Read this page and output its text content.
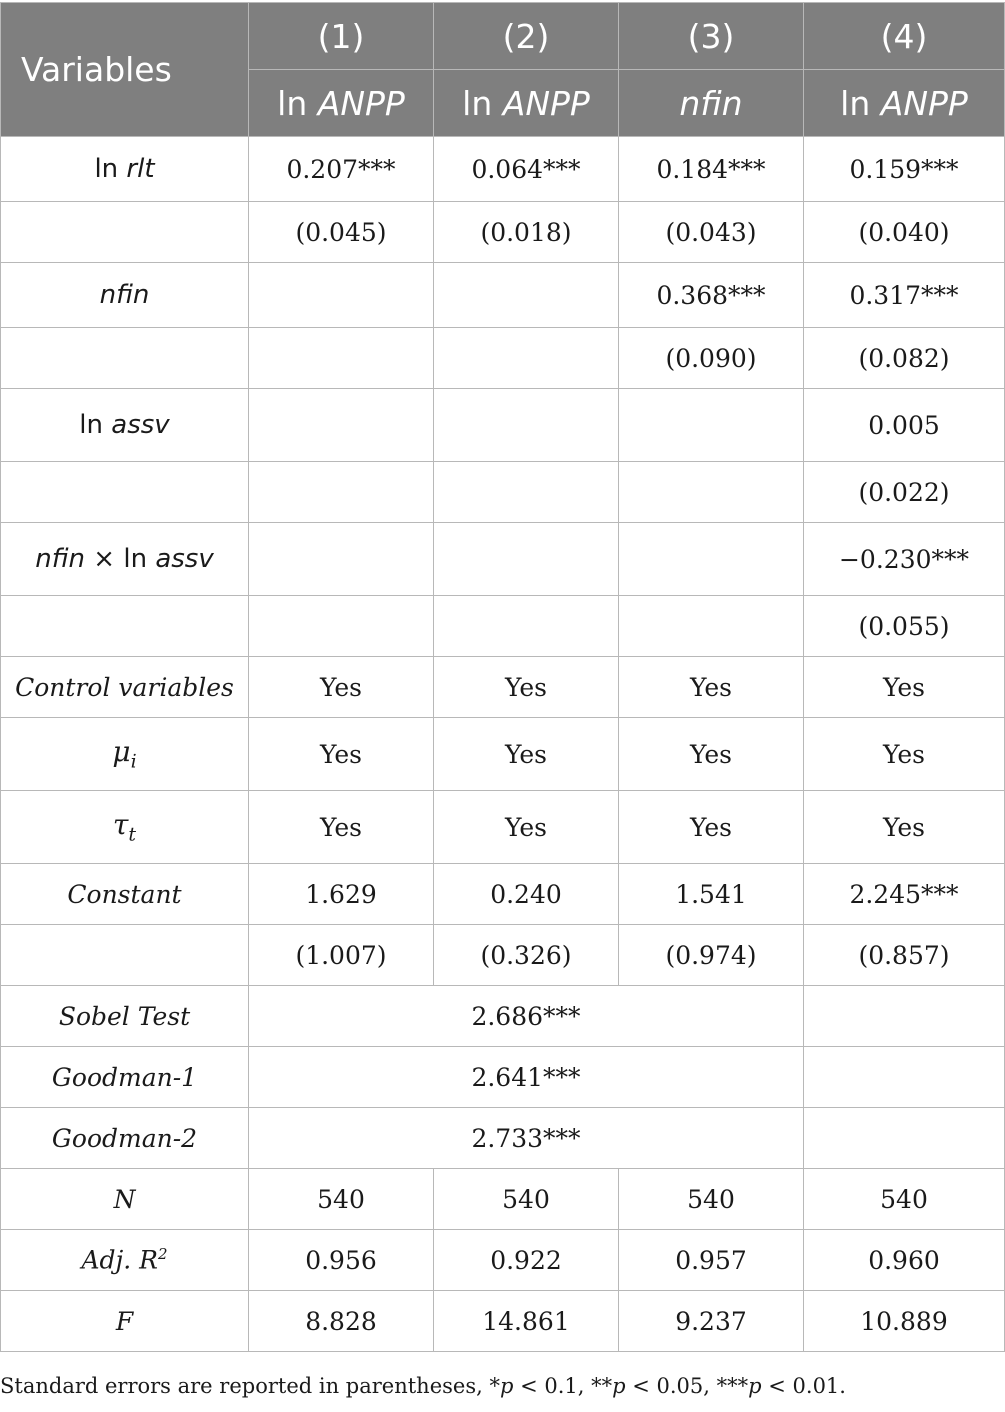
Variables	(1)	(2)	(3)	(4)
	ln ANPP	ln ANPP	nfin	ln ANPP
ln rlt	0.207***	0.064***	0.184***	0.159***
	(0.045)	(0.018)	(0.043)	(0.040)
nfin			0.368***	0.317***
			(0.090)	(0.082)
ln assv				0.005
				(0.022)
nfin × ln assv				−0.230***
				(0.055)
Control variables	Yes	Yes	Yes	Yes
$\mu_i$	Yes	Yes	Yes	Yes
$\tau_t$	Yes	Yes	Yes	Yes
Constant	1.629	0.240	1.541	2.245***
	(1.007)	(0.326)	(0.974)	(0.857)
Sobel Test	2.686***			
Goodman-1	2.641***			
Goodman-2	2.733***			
N	540	540	540	540
Adj. $R^2$	0.956	0.922	0.957	0.960
F	8.828	14.861	9.237	10.889
Standard errors are reported in parentheses, *p < 0.1, **p < 0.05, ***p < 0.01.
